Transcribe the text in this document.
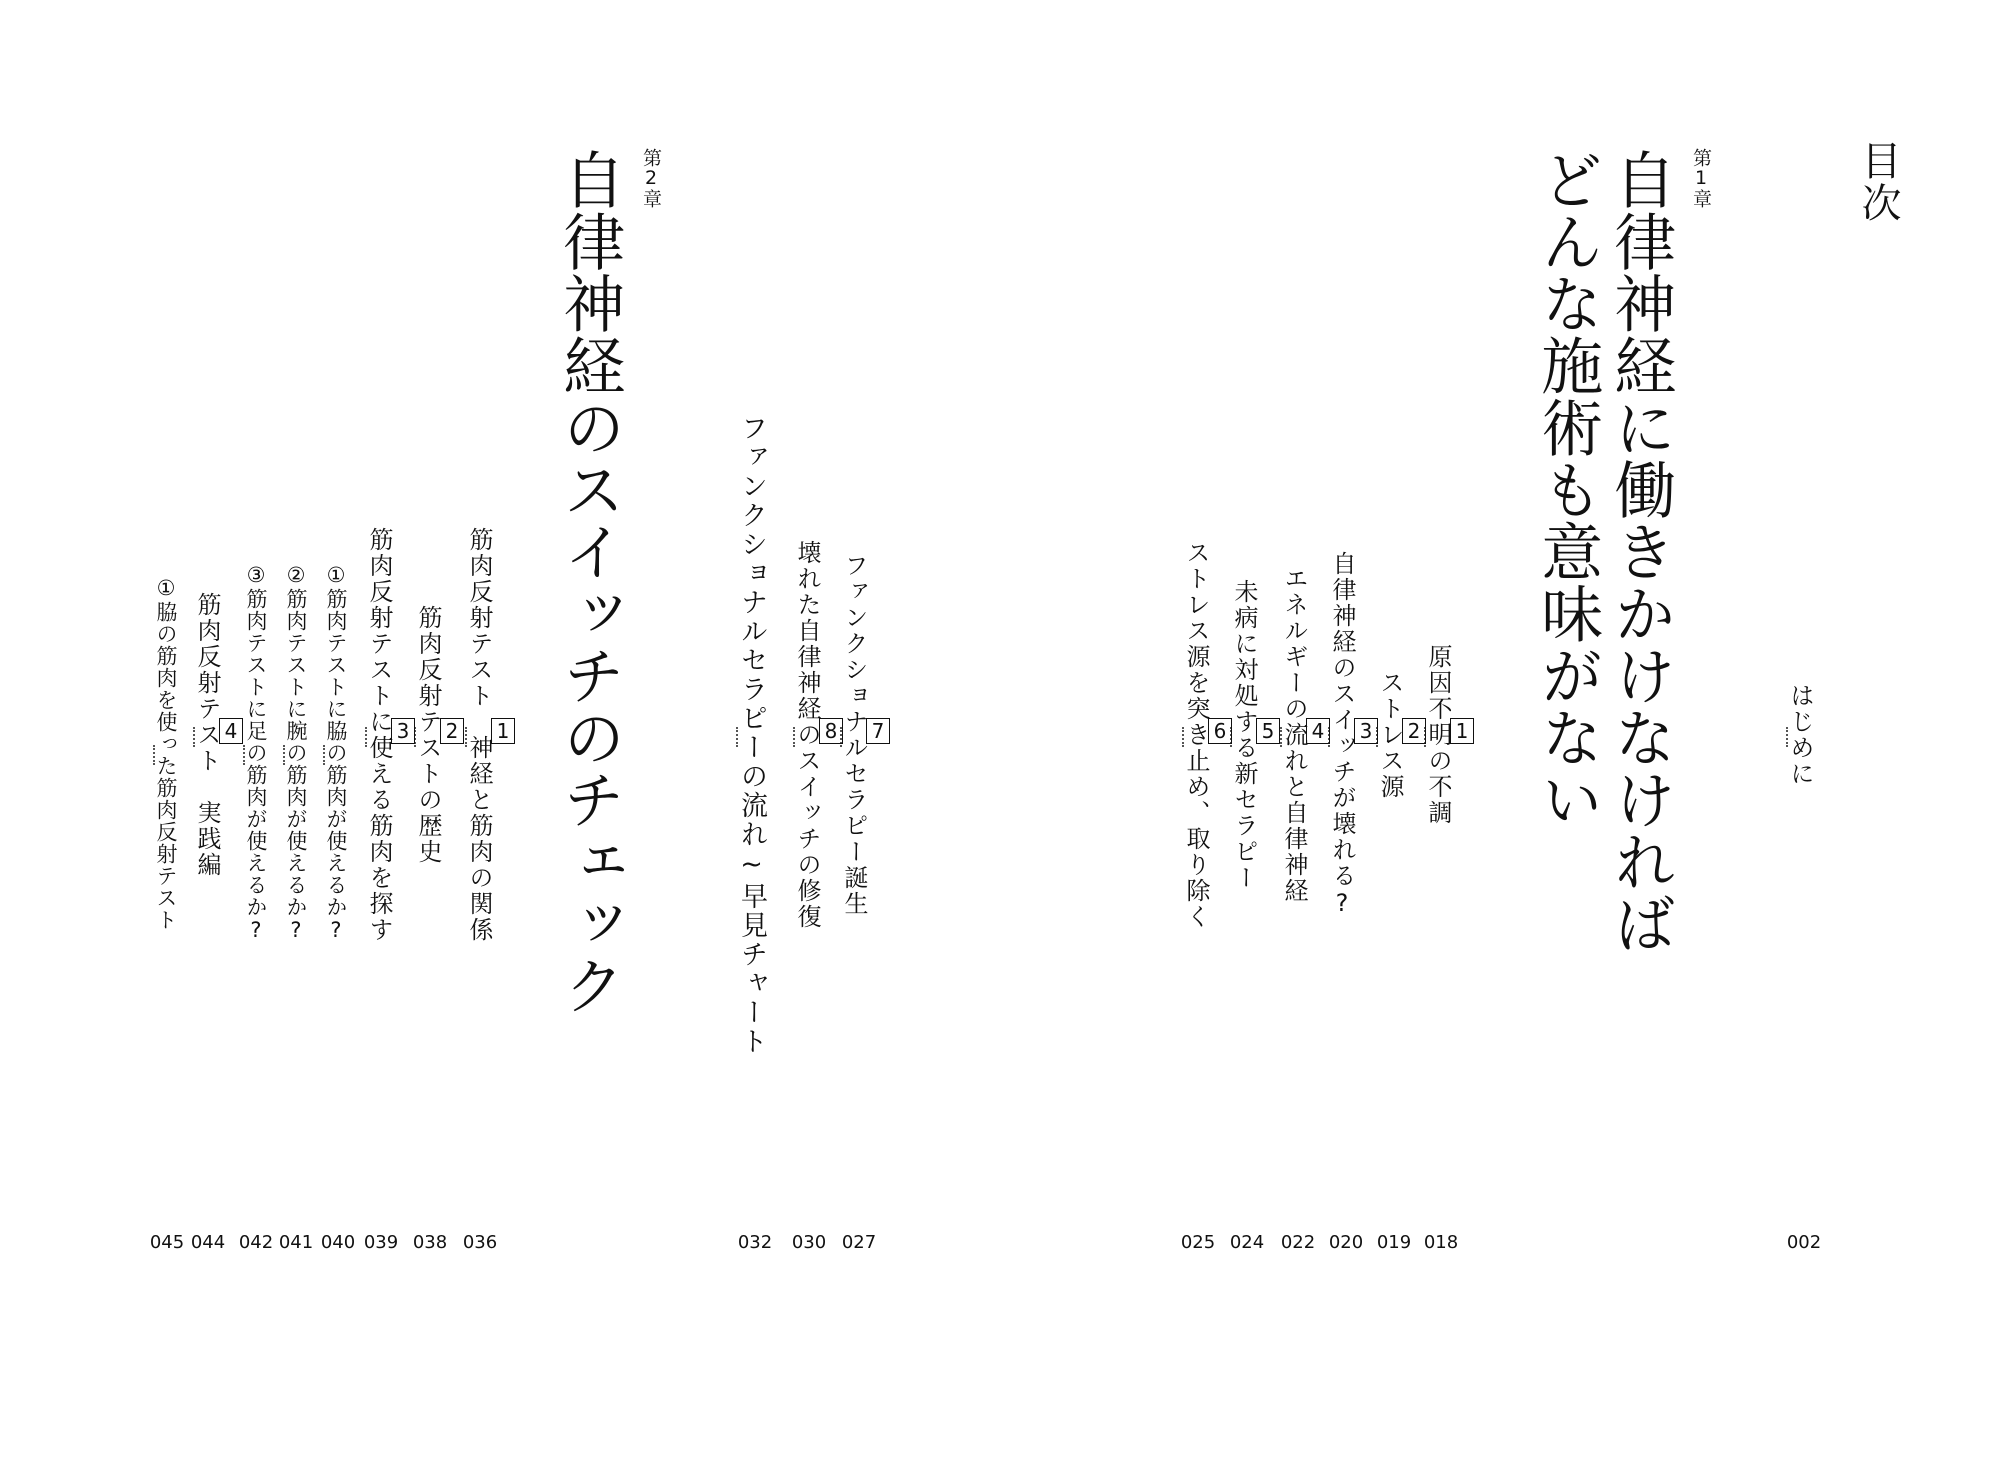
目次
はじめに
002
第1章
自律神経に働きかけなければ
どんな施術も意味がない
1
原因不明の不調
018
2
ストレス源
019
3
自律神経のスイッチが壊れる?
020
4
エネルギーの流れと自律神経
022
5
未病に対処する新セラピー
024
6
ストレス源を突き止め、取り除く
025
7
ファンクショナルセラピー誕生
027
8
壊れた自律神経のスイッチの修復
030
ファンクショナルセラピーの流れ~早見チャート
032
第2章
自律神経のスイッチのチェック
1
筋肉反射テスト　神経と筋肉の関係
036
2
筋肉反射テストの歴史
038
3
筋肉反射テストに使える筋肉を探す
039
①筋肉テストに脇の筋肉が使えるか?
040
②筋肉テストに腕の筋肉が使えるか?
041
③筋肉テストに足の筋肉が使えるか?
042
4
筋肉反射テスト　実践編
044
①脇の筋肉を使った筋肉反射テスト
045
